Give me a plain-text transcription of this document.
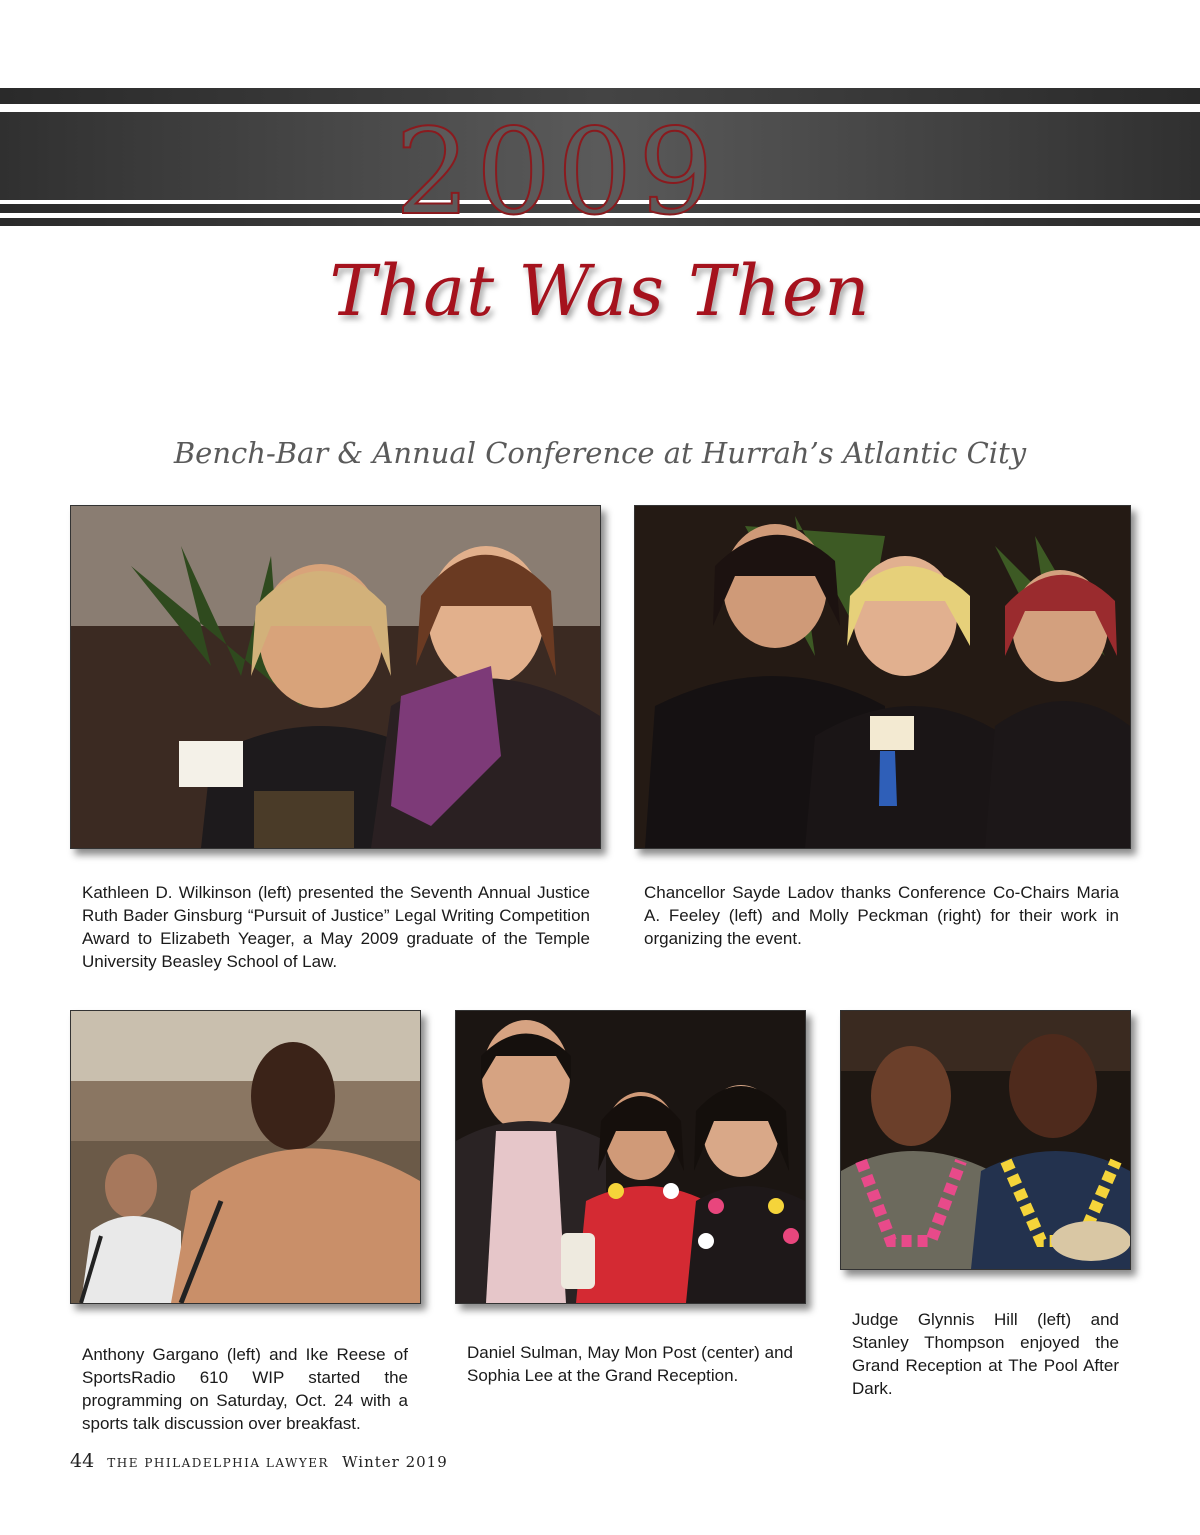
2009
That Was Then
Bench-Bar & Annual Conference at Hurrah’s Atlantic City
Kathleen D. Wilkinson (left) presented the Seventh Annual Justice Ruth Bader Ginsburg “Pursuit of Justice” Legal Writing Competition Award to Elizabeth Yeager, a May 2009 graduate of the Temple University Beasley School of Law.
Chancellor Sayde Ladov thanks Conference Co-Chairs Maria A. Feeley (left) and Molly Peckman (right) for their work in organizing the event.
Anthony Gargano (left) and Ike Reese of SportsRadio 610 WIP started the programming on Saturday, Oct. 24 with a sports talk discussion over breakfast.
Daniel Sulman, May Mon Post (center) and Sophia Lee at the Grand Reception.
Judge Glynnis Hill (left) and Stanley Thompson enjoyed the Grand Reception at The Pool After Dark.
44 THE PHILADELPHIA LAWYER Winter 2019
